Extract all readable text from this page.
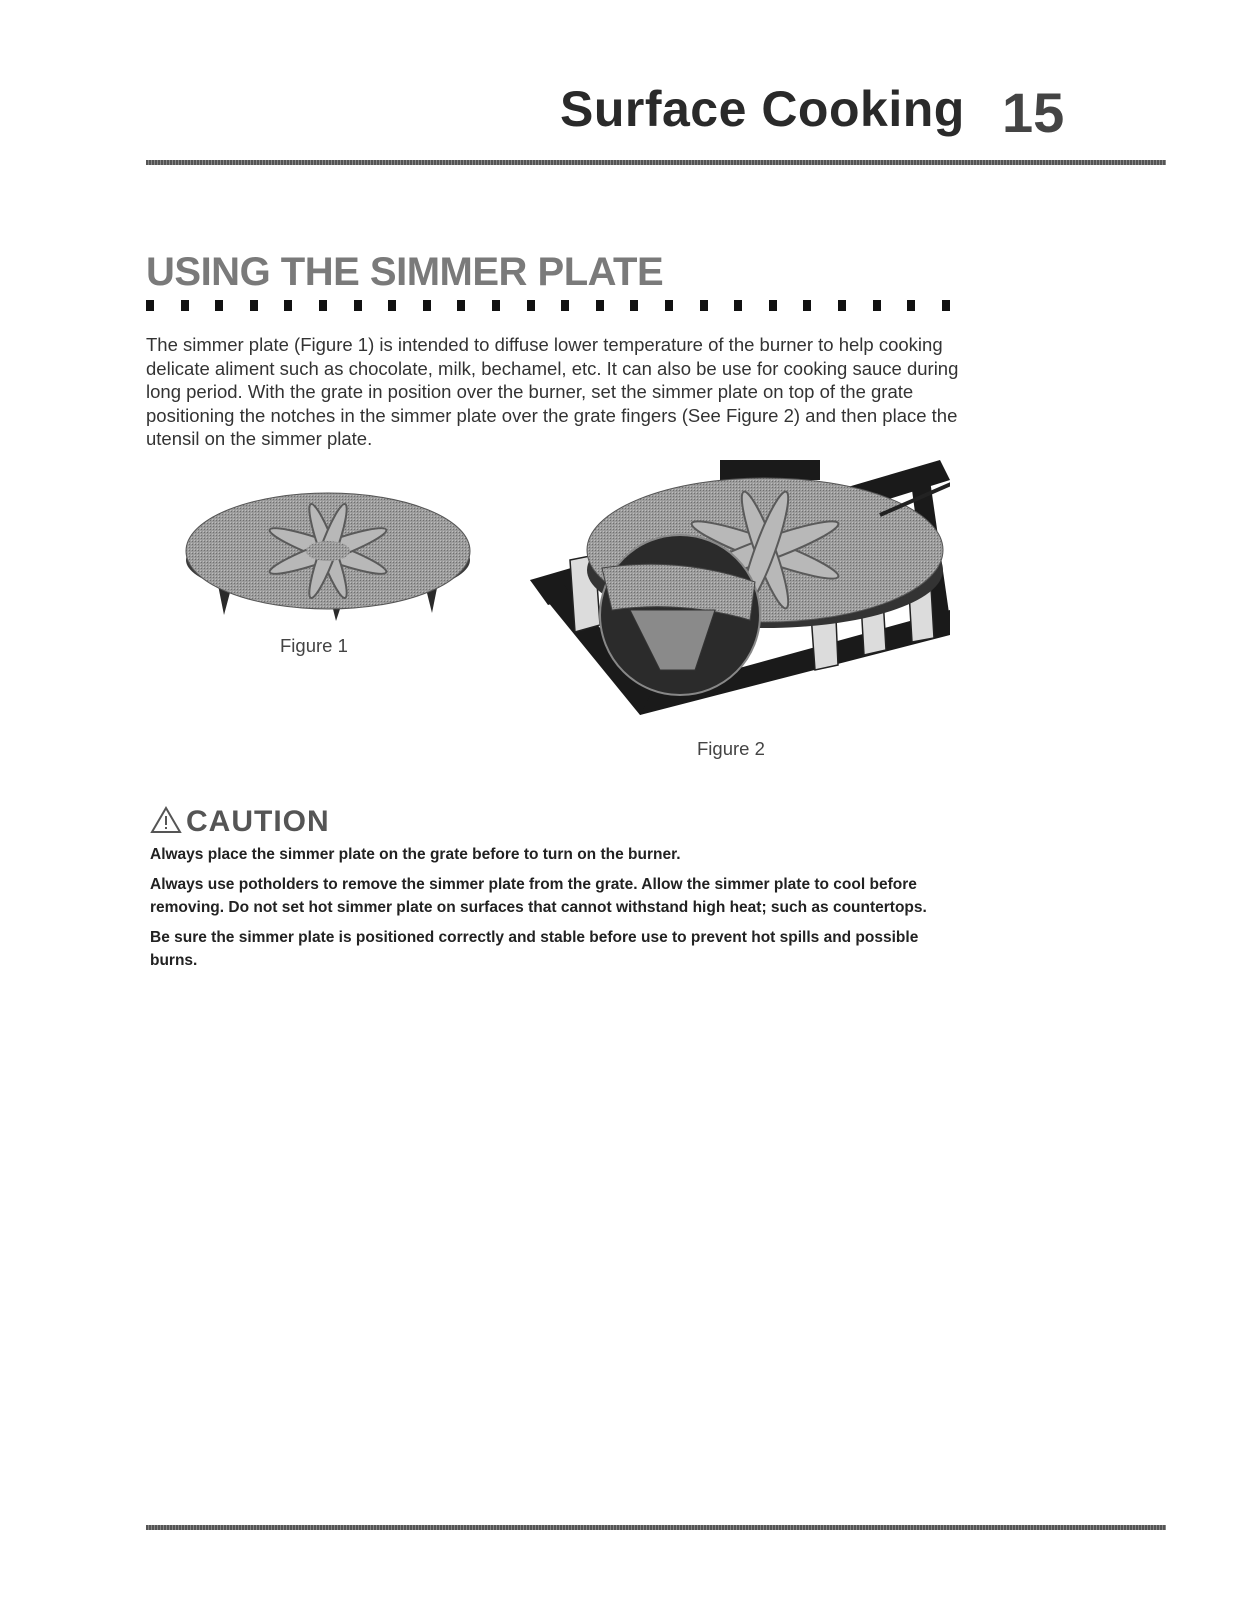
Surface Cooking 15
USING THE SIMMER PLATE
The simmer plate (Figure 1) is intended to diffuse lower temperature of the burner to help cooking delicate aliment such as chocolate, milk, bechamel, etc. It can also be use for cooking sauce during long period. With the grate in position over the burner, set the simmer plate on top of the grate positioning the notches in the simmer plate over the grate fingers (See Figure 2) and then place the utensil on the simmer plate.
Figure 1
Figure 2
CAUTION

Always place the simmer plate on the grate before to turn on the burner.

Always use potholders to remove the simmer plate from the grate. Allow the simmer plate to cool before removing. Do not set hot simmer plate on surfaces that cannot withstand high heat; such as countertops.

Be sure the simmer plate is positioned correctly and stable before use to prevent hot spills and possible burns.
